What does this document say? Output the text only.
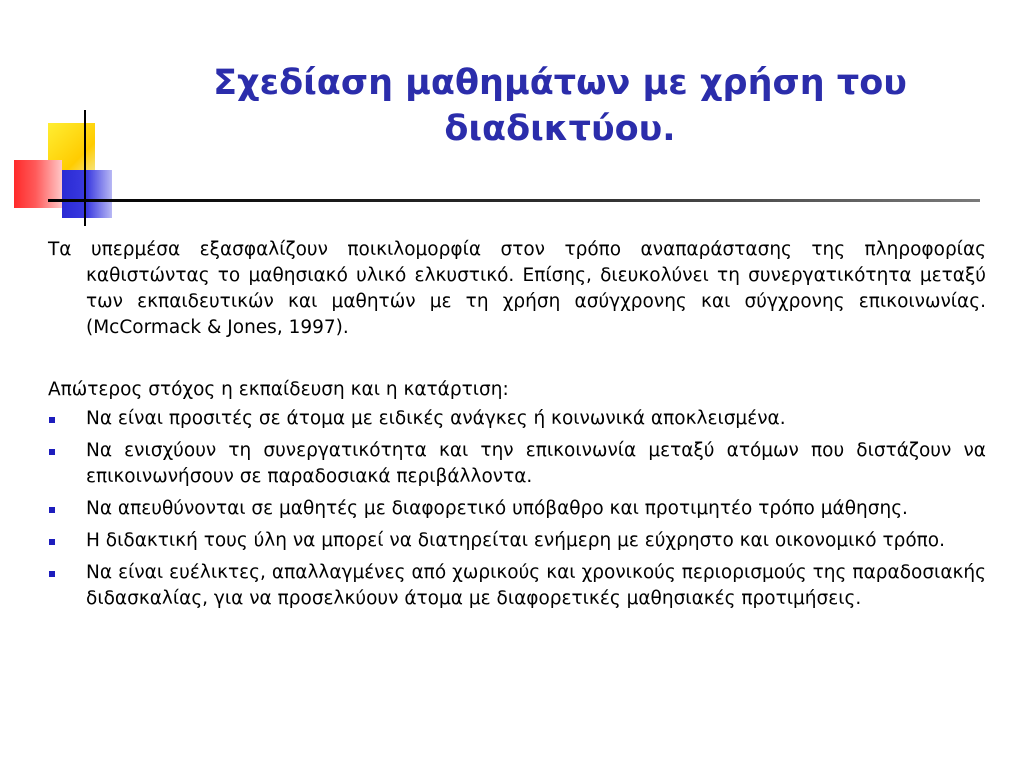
Σχεδίαση μαθημάτων με χρήση του διαδικτύου.

Τα υπερμέσα εξασφαλίζουν ποικιλομορφία στον τρόπο αναπαράστασης της πληροφορίας καθιστώντας το μαθησιακό υλικό ελκυστικό. Επίσης, διευκολύνει τη συνεργατικότητα μεταξύ των εκπαιδευτικών και μαθητών με τη χρήση ασύγχρονης και σύγχρονης επικοινωνίας. (McCormack & Jones, 1997).

Απώτερος στόχος η εκπαίδευση και η κατάρτιση:

Να είναι προσιτές σε άτομα με ειδικές ανάγκες ή κοινωνικά αποκλεισμένα.
Να ενισχύουν τη συνεργατικότητα και την επικοινωνία μεταξύ ατόμων που διστάζουν να επικοινωνήσουν σε παραδοσιακά περιβάλλοντα.
Να απευθύνονται σε μαθητές με διαφορετικό υπόβαθρο και προτιμητέο τρόπο μάθησης.
Η διδακτική τους ύλη να μπορεί να διατηρείται ενήμερη με εύχρηστο και οικονομικό τρόπο.
Να είναι ευέλικτες, απαλλαγμένες από χωρικούς και χρονικούς περιορισμούς της παραδοσιακής διδασκαλίας, για να προσελκύουν άτομα με διαφορετικές μαθησιακές προτιμήσεις.
